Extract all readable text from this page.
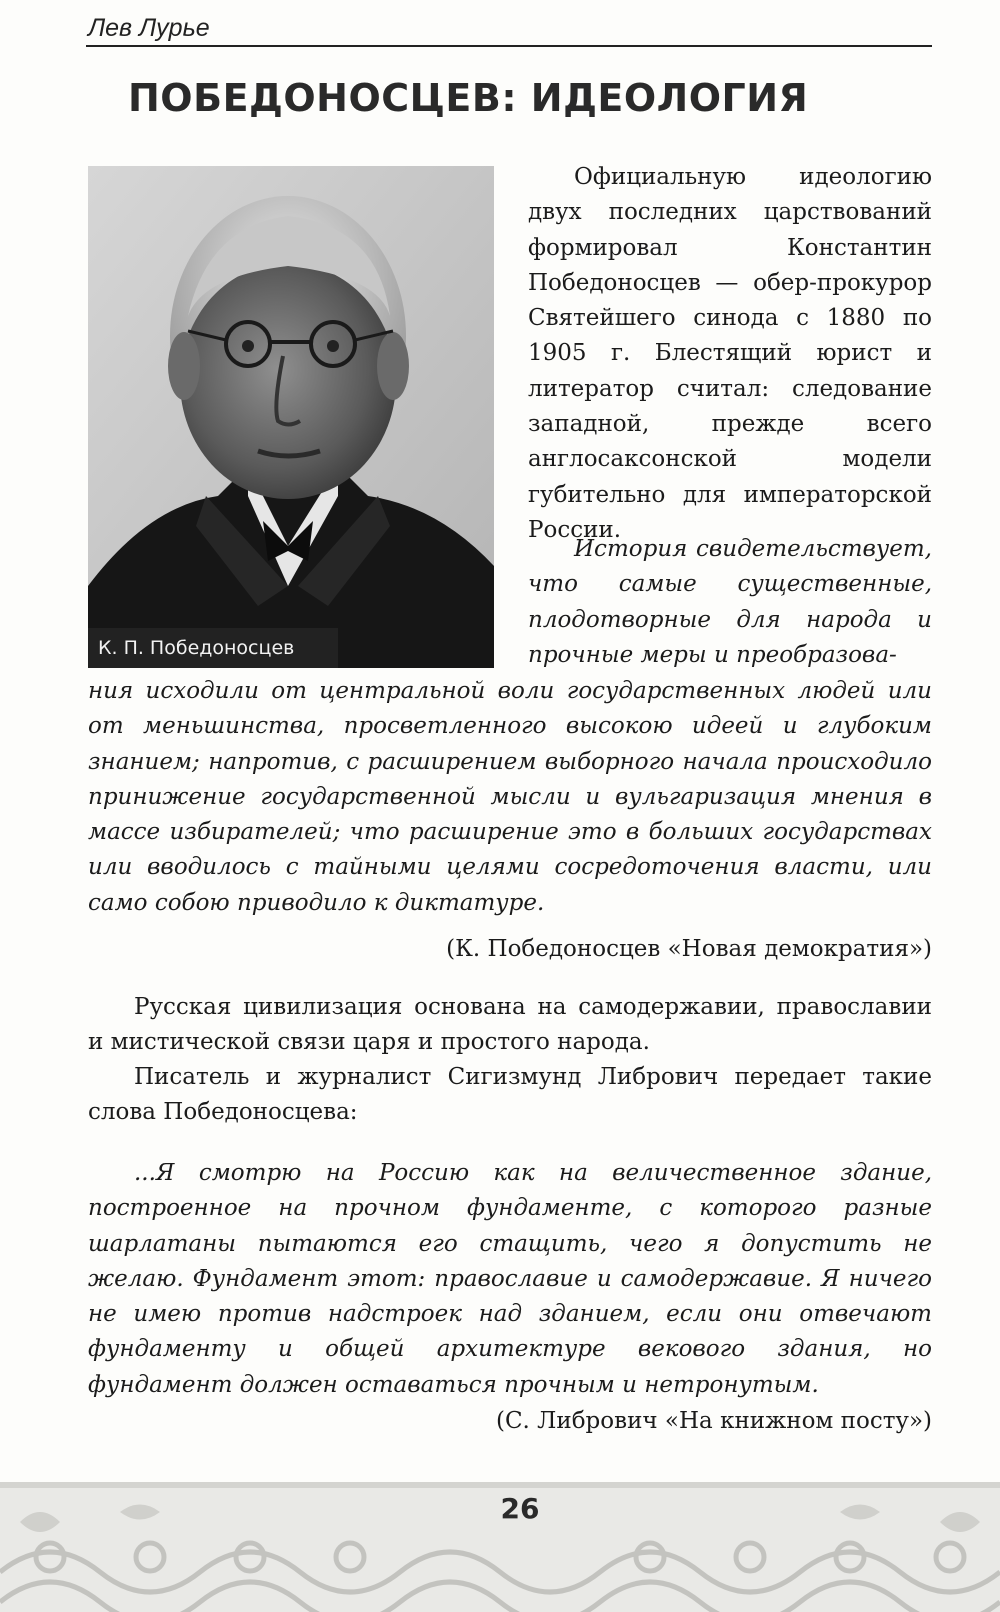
Лев Лурье
ПОБЕДОНОСЦЕВ: ИДЕОЛОГИЯ
К. П. Победоносцев

Официальную идеологию двух последних царствований формировал Константин Победоносцев — обер-прокурор Святейшего синода с 1880 по 1905 г. Блестящий юрист и литератор считал: следование западной, прежде всего англосаксонской модели губительно для императорской России.

История свидетельствует, что самые существенные, плодотворные для народа и прочные меры и преобразова-

ния исходили от центральной воли государственных людей или от меньшинства, просветленного высокою идеей и глубоким знанием; напротив, с расширением выборного начала происходило принижение государственной мысли и вульгаризация мнения в массе избирателей; что расширение это в больших государствах или вводилось с тайными целями сосредоточения власти, или само собою приводило к диктатуре.

(К. Победоносцев «Новая демократия»)

Русская цивилизация основана на самодержавии, православии и мистической связи царя и простого народа.

Писатель и журналист Сигизмунд Либрович передает такие слова Победоносцева:

...Я смотрю на Россию как на величественное здание, построенное на прочном фундаменте, с которого разные шарлатаны пытаются его стащить, чего я допустить не желаю. Фундамент этот: православие и самодержавие. Я ничего не имею против надстроек над зданием, если они отвечают фундаменту и общей архитектуре векового здания, но фундамент должен оставаться прочным и нетронутым.

(С. Либрович «На книжном посту»)

26
